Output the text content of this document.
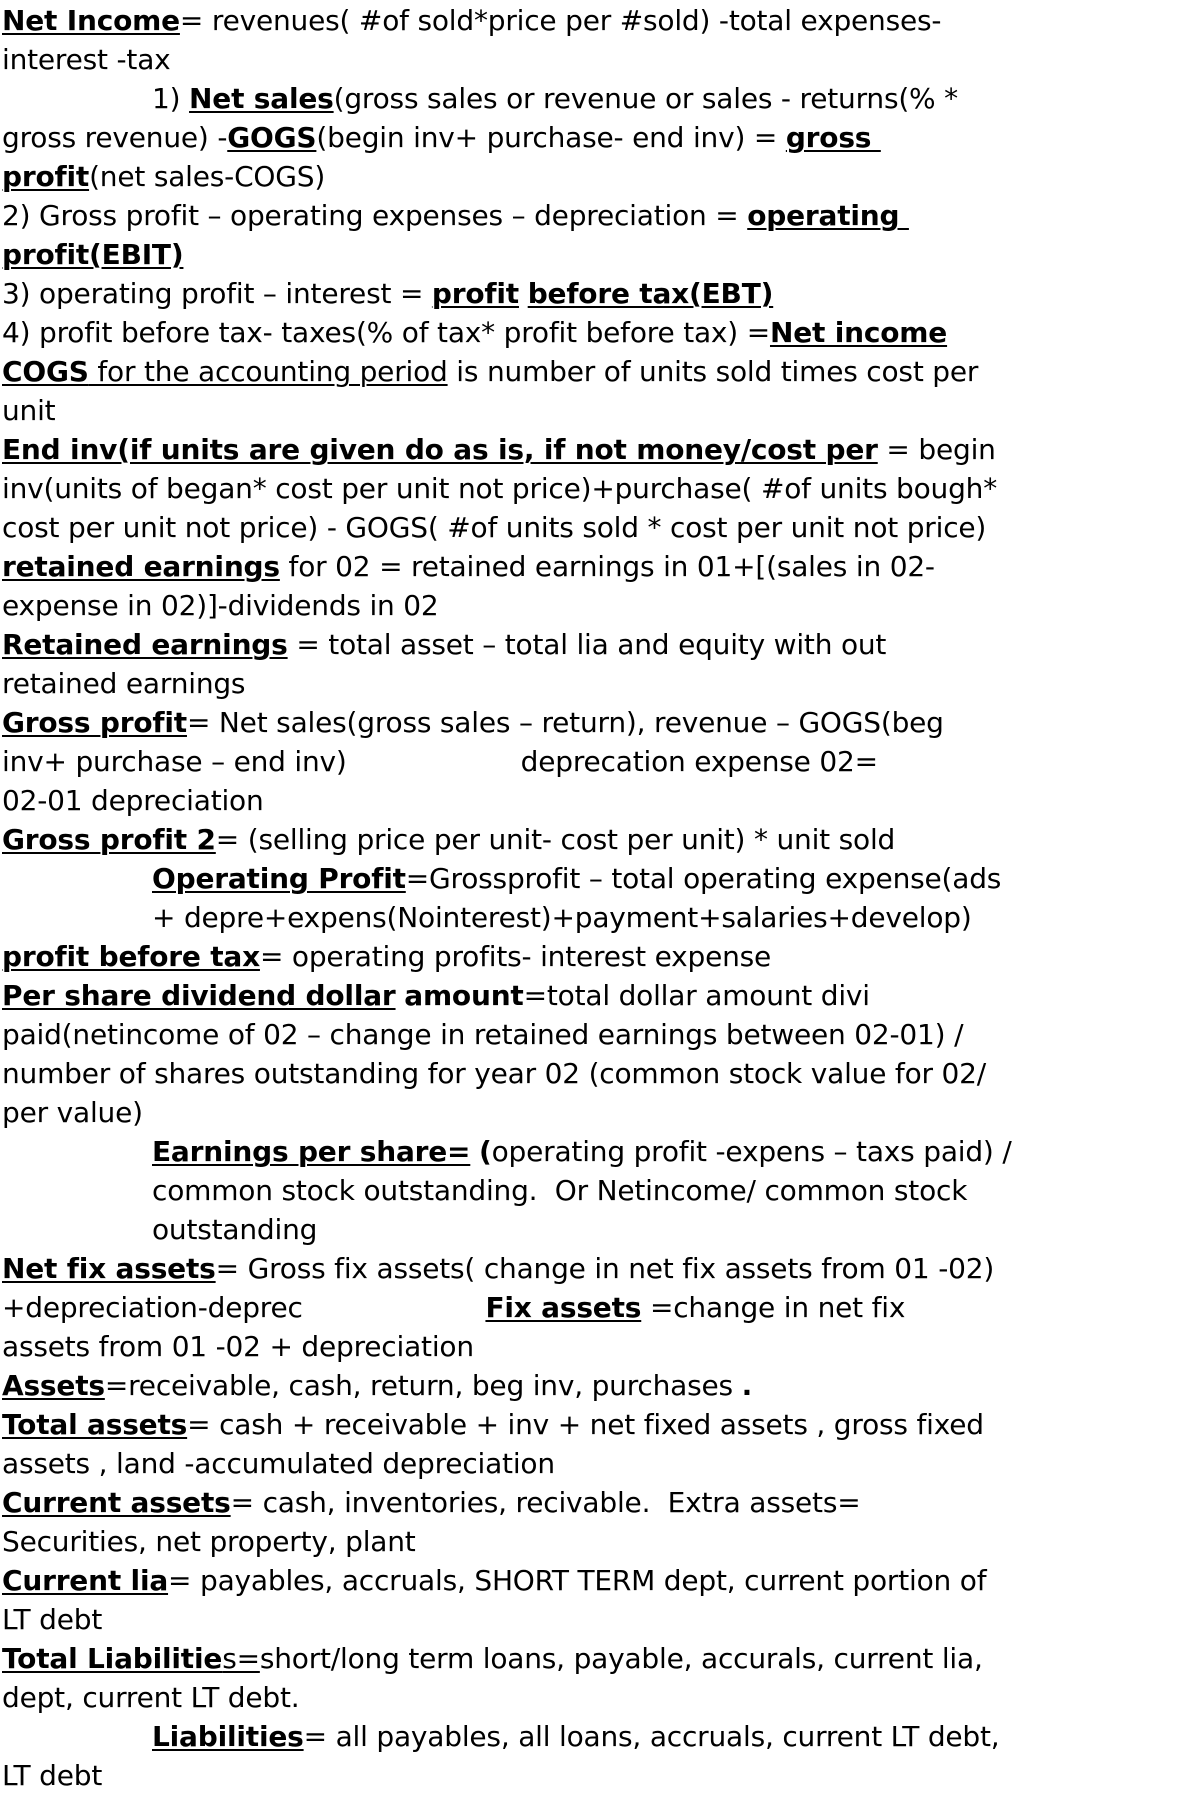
Net Income= revenues( #of sold*price per #sold) -total expenses-
interest -tax
1) Net sales(gross sales or revenue or sales - returns(% *
gross revenue) -GOGS(begin inv+ purchase- end inv) = gross
profit(net sales-COGS)
2) Gross profit – operating expenses – depreciation = operating
profit(EBIT)
3) operating profit – interest = profit before tax(EBT)
4) profit before tax- taxes(% of tax* profit before tax) =Net income
COGS for the accounting period is number of units sold times cost per
unit
End inv(if units are given do as is, if not money/cost per = begin
inv(units of began* cost per unit not price)+purchase( #of units bough*
cost per unit not price) - GOGS( #of units sold * cost per unit not price)
retained earnings for 02 = retained earnings in 01+[(sales in 02-
expense in 02)]-dividends in 02
Retained earnings = total asset – total lia and equity with out
retained earnings
Gross profit= Net sales(gross sales – return), revenue – GOGS(beg
inv+ purchase – end inv)                    deprecation expense 02=
02-01 depreciation
Gross profit 2= (selling price per unit- cost per unit) * unit sold
Operating Profit=Grossprofit – total operating expense(ads
+ depre+expens(Nointerest)+payment+salaries+develop)
profit before tax= operating profits- interest expense
Per share dividend dollar amount=total dollar amount divi
paid(netincome of 02 – change in retained earnings between 02-01) /
number of shares outstanding for year 02 (common stock value for 02/
per value)
Earnings per share= (operating profit -expens – taxs paid) /
common stock outstanding.  Or Netincome/ common stock
outstanding
Net fix assets= Gross fix assets( change in net fix assets from 01 -02)
+depreciation-deprec                     Fix assets =change in net fix
assets from 01 -02 + depreciation
Assets=receivable, cash, return, beg inv, purchases .
Total assets= cash + receivable + inv + net fixed assets , gross fixed
assets , land -accumulated depreciation
Current assets= cash, inventories, recivable.  Extra assets=
Securities, net property, plant
Current lia= payables, accruals, SHORT TERM dept, current portion of
LT debt
Total Liabilities=short/long term loans, payable, accurals, current lia,
dept, current LT debt.
Liabilities= all payables, all loans, accruals, current LT debt,
LT debt
